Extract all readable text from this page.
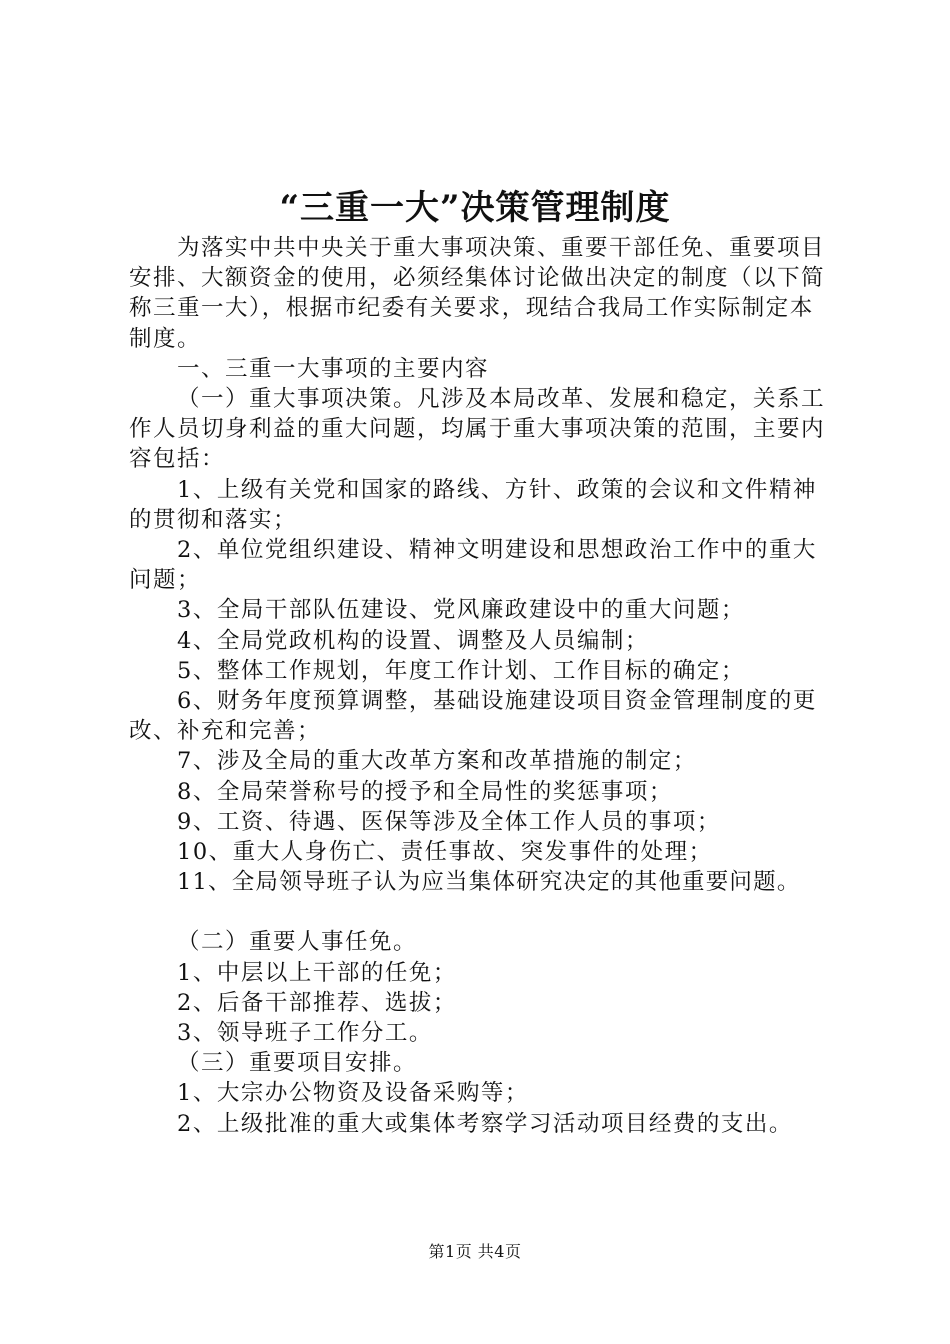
“三重一大”决策管理制度

为落实中共中央关于重大事项决策、重要干部任免、重要项目安排、大额资金的使用，必须经集体讨论做出决定的制度（以下简称三重一大），根据市纪委有关要求，现结合我局工作实际制定本制度。

一、三重一大事项的主要内容

（一）重大事项决策。凡涉及本局改革、发展和稳定，关系工作人员切身利益的重大问题，均属于重大事项决策的范围，主要内容包括：

1、上级有关党和国家的路线、方针、政策的会议和文件精神的贯彻和落实；

2、单位党组织建设、精神文明建设和思想政治工作中的重大问题；

3、全局干部队伍建设、党风廉政建设中的重大问题；

4、全局党政机构的设置、调整及人员编制；

5、整体工作规划，年度工作计划、工作目标的确定；

6、财务年度预算调整，基础设施建设项目资金管理制度的更改、补充和完善；

7、涉及全局的重大改革方案和改革措施的制定；

8、全局荣誉称号的授予和全局性的奖惩事项；

9、工资、待遇、医保等涉及全体工作人员的事项；

10、重大人身伤亡、责任事故、突发事件的处理；

11、全局领导班子认为应当集体研究决定的其他重要问题。

（二）重要人事任免。

1、中层以上干部的任免；

2、后备干部推荐、选拔；

3、领导班子工作分工。

（三）重要项目安排。

1、大宗办公物资及设备采购等；

2、上级批准的重大或集体考察学习活动项目经费的支出。

第1页 共4页
